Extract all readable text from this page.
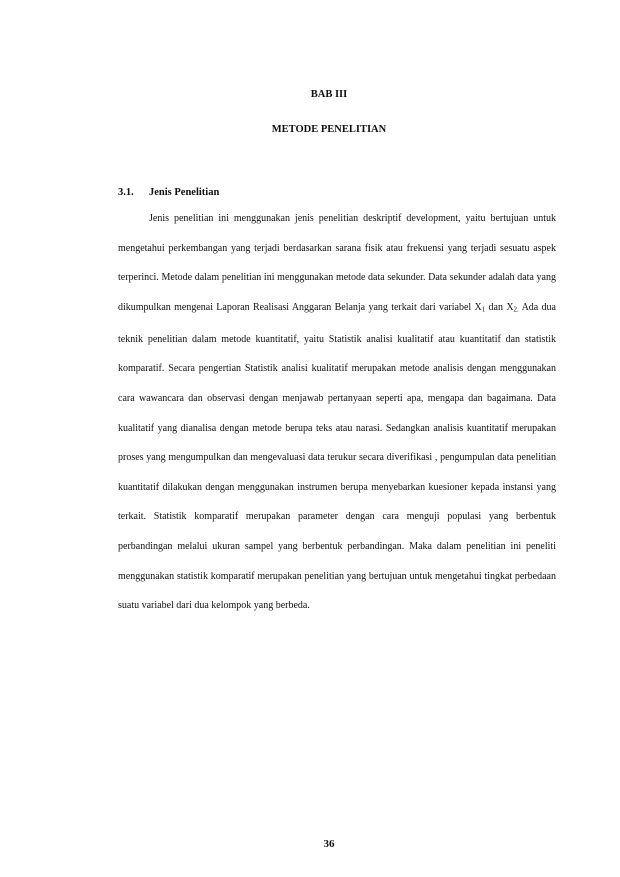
BAB III
METODE PENELITIAN
3.1. Jenis Penelitian

Jenis penelitian ini menggunakan jenis penelitian deskriptif development, yaitu bertujuan untuk mengetahui perkembangan yang terjadi berdasarkan sarana fisik atau frekuensi yang terjadi sesuatu aspek terperinci. Metode dalam penelitian ini menggunakan metode data sekunder. Data sekunder adalah data yang dikumpulkan mengenai Laporan Realisasi Anggaran Belanja yang terkait dari variabel $X_1$ dan $X_{2.}$ Ada dua teknik penelitian dalam metode kuantitatif, yaitu Statistik analisi kualitatif atau kuantitatif dan statistik komparatif. Secara pengertian Statistik analisi kualitatif merupakan metode analisis dengan menggunakan cara wawancara dan observasi dengan menjawab pertanyaan seperti apa, mengapa dan bagaimana. Data kualitatif yang dianalisa dengan metode berupa teks atau narasi. Sedangkan analisis kuantitatif merupakan proses yang mengumpulkan dan mengevaluasi data terukur secara diverifikasi , pengumpulan data penelitian kuantitatif dilakukan dengan menggunakan instrumen berupa menyebarkan kuesioner kepada instansi yang terkait. Statistik komparatif merupakan parameter dengan cara menguji populasi yang berbentuk perbandingan melalui ukuran sampel yang berbentuk perbandingan. Maka dalam penelitian ini peneliti menggunakan statistik komparatif merupakan penelitian yang bertujuan untuk mengetahui tingkat perbedaan suatu variabel dari dua kelompok yang berbeda.

36
